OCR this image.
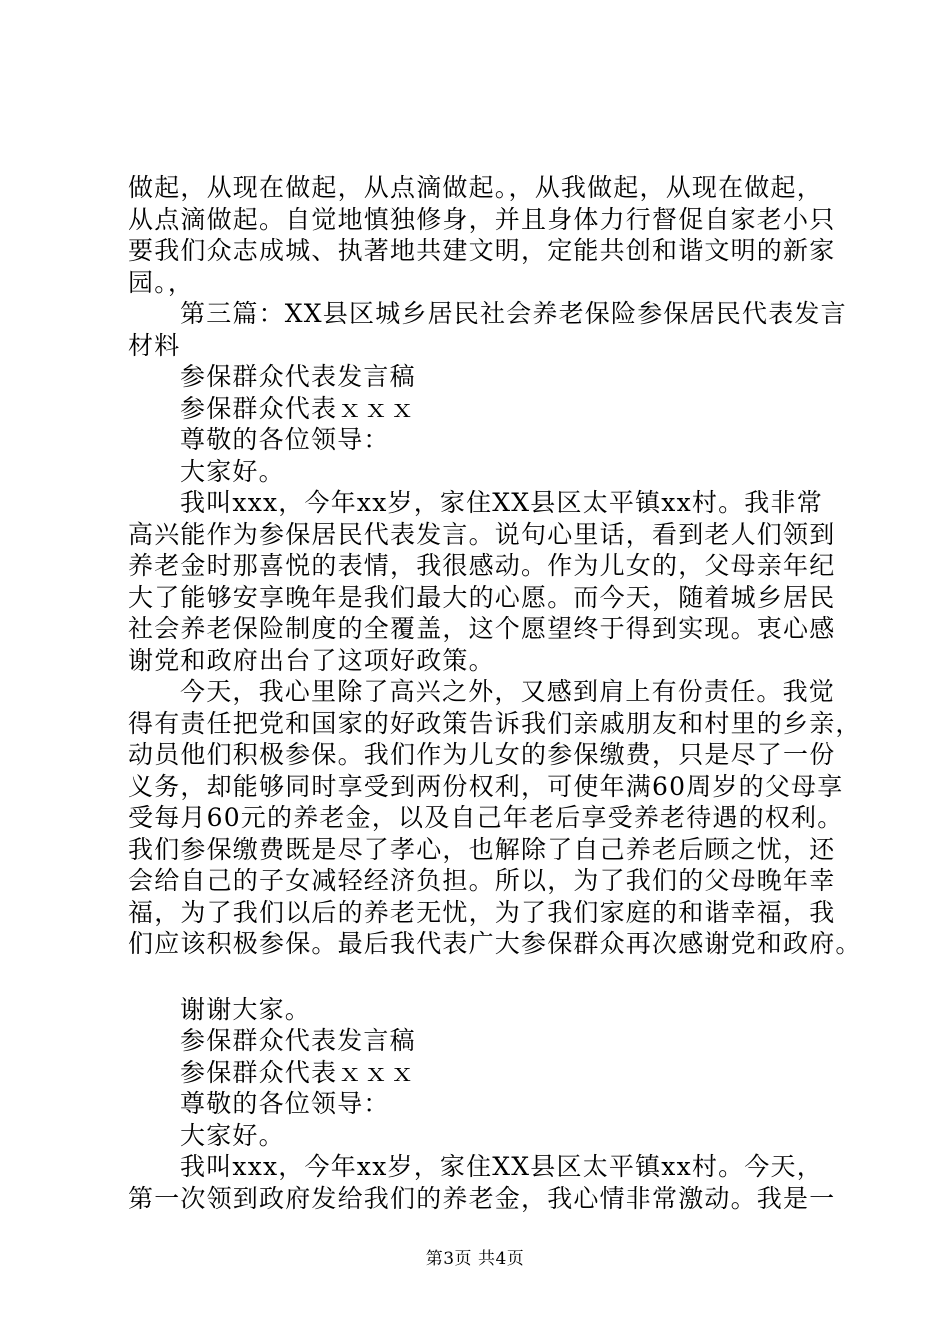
做起，从现在做起，从点滴做起。，从我做起，从现在做起，
从点滴做起。自觉地慎独修身，并且身体力行督促自家老小只
要我们众志成城、执著地共建文明，定能共创和谐文明的新家
园。，
第三篇：XX县区城乡居民社会养老保险参保居民代表发言
材料
参保群众代表发言稿
参保群众代表ｘｘｘ
尊敬的各位领导：
大家好。
我叫xxx，今年xx岁，家住XX县区太平镇xx村。我非常
高兴能作为参保居民代表发言。说句心里话，看到老人们领到
养老金时那喜悦的表情，我很感动。作为儿女的，父母亲年纪
大了能够安享晚年是我们最大的心愿。而今天，随着城乡居民
社会养老保险制度的全覆盖，这个愿望终于得到实现。衷心感
谢党和政府出台了这项好政策。
今天，我心里除了高兴之外，又感到肩上有份责任。我觉
得有责任把党和国家的好政策告诉我们亲戚朋友和村里的乡亲，
动员他们积极参保。我们作为儿女的参保缴费，只是尽了一份
义务，却能够同时享受到两份权利，可使年满60周岁的父母享
受每月60元的养老金，以及自己年老后享受养老待遇的权利。
我们参保缴费既是尽了孝心，也解除了自己养老后顾之忧，还
会给自己的子女减轻经济负担。所以，为了我们的父母晚年幸
福，为了我们以后的养老无忧，为了我们家庭的和谐幸福，我
们应该积极参保。最后我代表广大参保群众再次感谢党和政府。
谢谢大家。
参保群众代表发言稿
参保群众代表ｘｘｘ
尊敬的各位领导：
大家好。
我叫xxx，今年xx岁，家住XX县区太平镇xx村。今天，
第一次领到政府发给我们的养老金，我心情非常激动。我是一
第3页 共4页
